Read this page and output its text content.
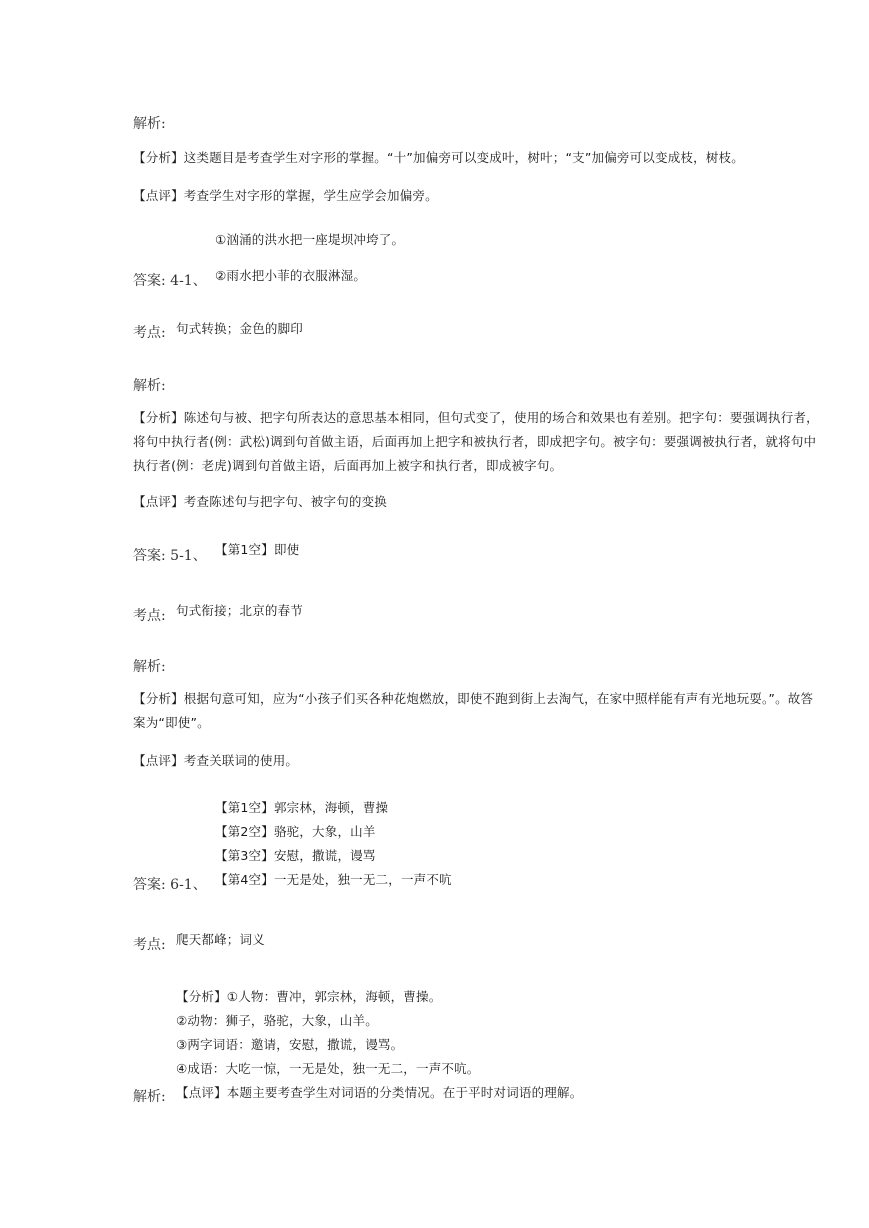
解析:
【分析】这类题目是考查学生对字形的掌握。“十”加偏旁可以变成叶，树叶；“支”加偏旁可以变成枝，树枝。
【点评】考查学生对字形的掌握，学生应学会加偏旁。
①汹涌的洪水把一座堤坝冲垮了。
答案: 4-1、 ②雨水把小菲的衣服淋湿。
考点: 句式转换；金色的脚印
解析:
【分析】陈述句与被、把字句所表达的意思基本相同，但句式变了，使用的场合和效果也有差别。把字句：要强调执行者，
将句中执行者(例：武松)调到句首做主语，后面再加上把字和被执行者，即成把字句。被字句：要强调被执行者，就将句中
执行者(例：老虎)调到句首做主语，后面再加上被字和执行者，即成被字句。
【点评】考查陈述句与把字句、被字句的变换
答案: 5-1、 【第1空】即使
考点: 句式衔接；北京的春节
解析:
【分析】根据句意可知，应为“小孩子们买各种花炮燃放，即使不跑到街上去淘气，在家中照样能有声有光地玩耍。”。故答
案为“即使”。
【点评】考查关联词的使用。
【第1空】郭宗林，海顿，曹操
【第2空】骆驼，大象，山羊
【第3空】安慰，撒谎，谩骂
答案: 6-1、 【第4空】一无是处，独一无二，一声不吭
考点: 爬天都峰；词义
【分析】①人物：曹冲，郭宗林，海顿，曹操。
②动物：狮子，骆驼，大象，山羊。
③两字词语：邀请，安慰，撒谎，谩骂。
④成语：大吃一惊，一无是处，独一无二，一声不吭。
解析: 【点评】本题主要考查学生对词语的分类情况。在于平时对词语的理解。
